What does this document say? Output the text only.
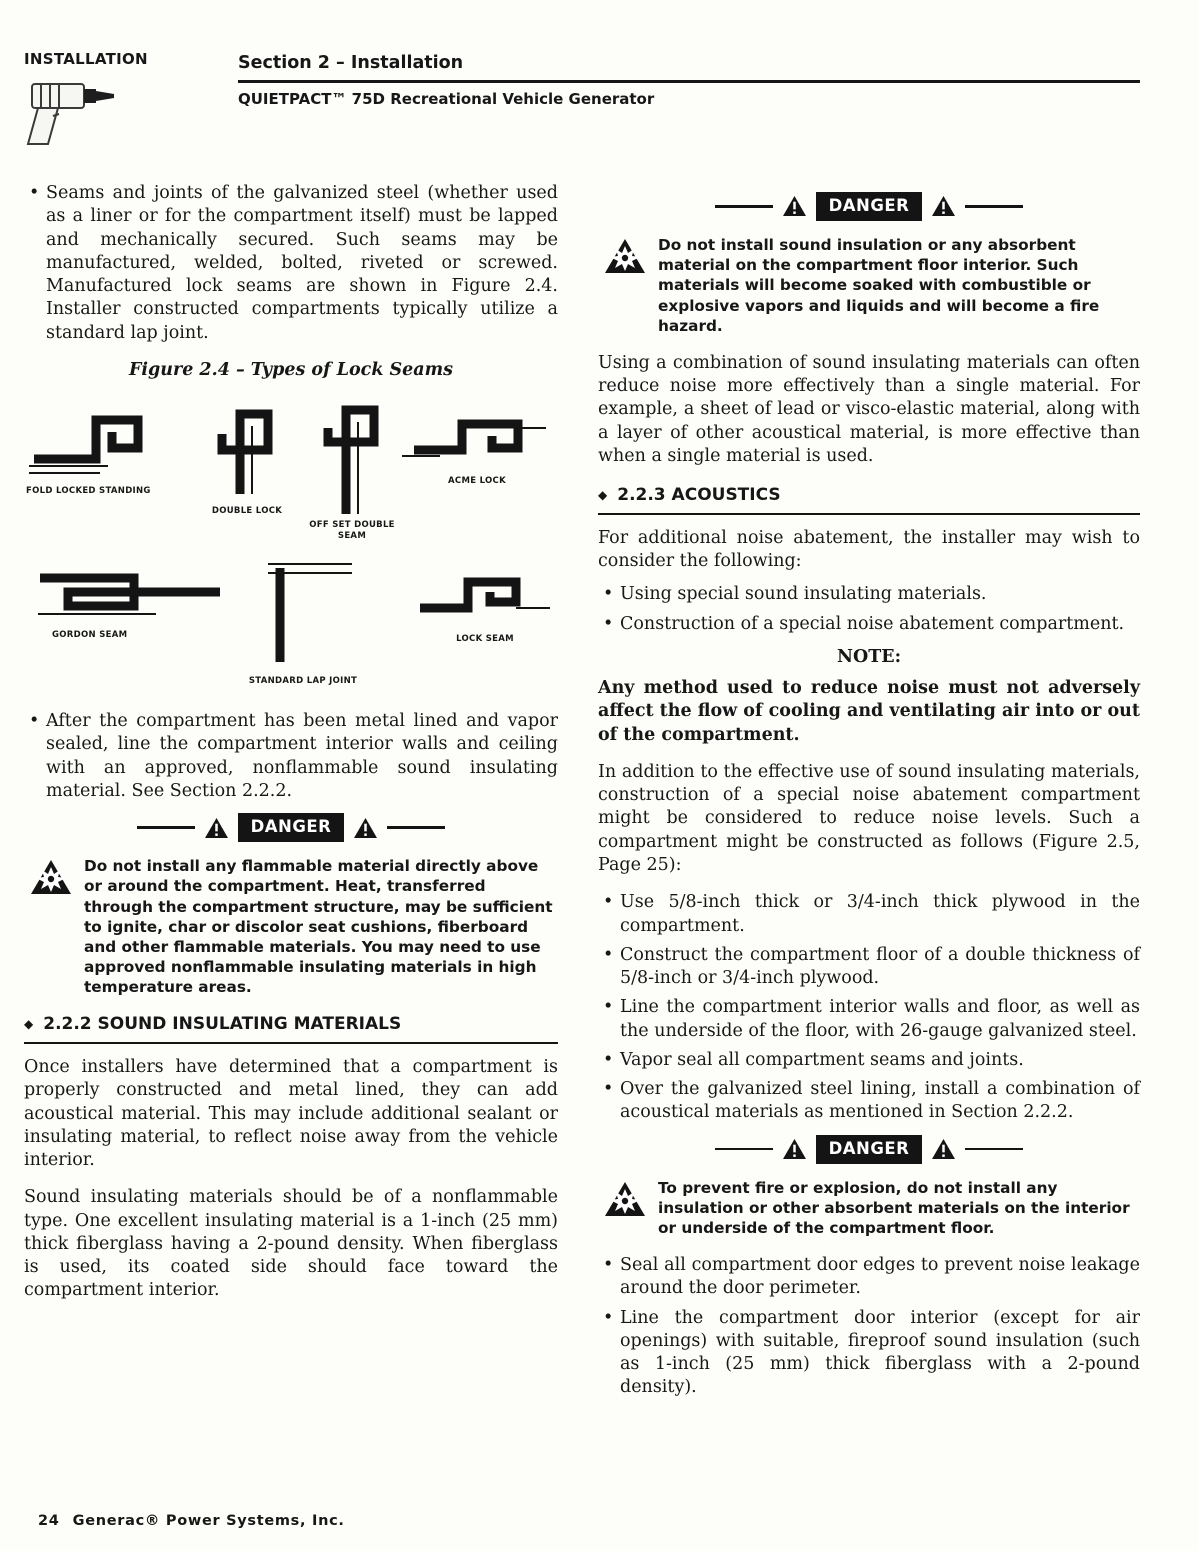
INSTALLATION	Section 2 – Installation
QUIETPACT™ 75D Recreational Vehicle Generator
• Seams and joints of the galvanized steel (whether used as a liner or for the compartment itself) must be lapped and mechanically secured. Such seams may be manufactured, welded, bolted, riveted or screwed. Manufactured lock seams are shown in Figure 2.4. Installer constructed compartments typically utilize a standard lap joint.
Figure 2.4 – Types of Lock Seams
FOLD LOCKED STANDING
DOUBLE LOCK
OFF SET DOUBLE SEAM
ACME LOCK
GORDON SEAM
STANDARD LAP JOINT
LOCK SEAM
• After the compartment has been metal lined and vapor sealed, line the compartment interior walls and ceiling with an approved, nonflammable sound insulating material. See Section 2.2.2.
DANGER
Do not install any flammable material directly above or around the compartment. Heat, transferred through the compartment structure, may be sufficient to ignite, char or discolor seat cushions, fiberboard and other flammable materials. You may need to use approved nonflammable insulating materials in high temperature areas.
◆ 2.2.2 SOUND INSULATING MATERIALS
Once installers have determined that a compartment is properly constructed and metal lined, they can add acoustical material. This may include additional sealant or insulating material, to reflect noise away from the vehicle interior.
Sound insulating materials should be of a nonflammable type. One excellent insulating material is a 1-inch (25 mm) thick fiberglass having a 2-pound density. When fiberglass is used, its coated side should face toward the compartment interior.
DANGER
Do not install sound insulation or any absorbent material on the compartment floor interior. Such materials will become soaked with combustible or explosive vapors and liquids and will become a fire hazard.
Using a combination of sound insulating materials can often reduce noise more effectively than a single material. For example, a sheet of lead or visco-elastic material, along with a layer of other acoustical material, is more effective than when a single material is used.
◆ 2.2.3 ACOUSTICS
For additional noise abatement, the installer may wish to consider the following:
• Using special sound insulating materials.
• Construction of a special noise abatement compartment.
NOTE:
Any method used to reduce noise must not adversely affect the flow of cooling and ventilating air into or out of the compartment.
In addition to the effective use of sound insulating materials, construction of a special noise abatement compartment might be considered to reduce noise levels. Such a compartment might be constructed as follows (Figure 2.5, Page 25):
• Use 5/8-inch thick or 3/4-inch thick plywood in the compartment.
• Construct the compartment floor of a double thickness of 5/8-inch or 3/4-inch plywood.
• Line the compartment interior walls and floor, as well as the underside of the floor, with 26-gauge galvanized steel.
• Vapor seal all compartment seams and joints.
• Over the galvanized steel lining, install a combination of acoustical materials as mentioned in Section 2.2.2.
DANGER
To prevent fire or explosion, do not install any insulation or other absorbent materials on the interior or underside of the compartment floor.
• Seal all compartment door edges to prevent noise leakage around the door perimeter.
• Line the compartment door interior (except for air openings) with suitable, fireproof sound insulation (such as 1-inch (25 mm) thick fiberglass with a 2-pound density).
24 Generac® Power Systems, Inc.
